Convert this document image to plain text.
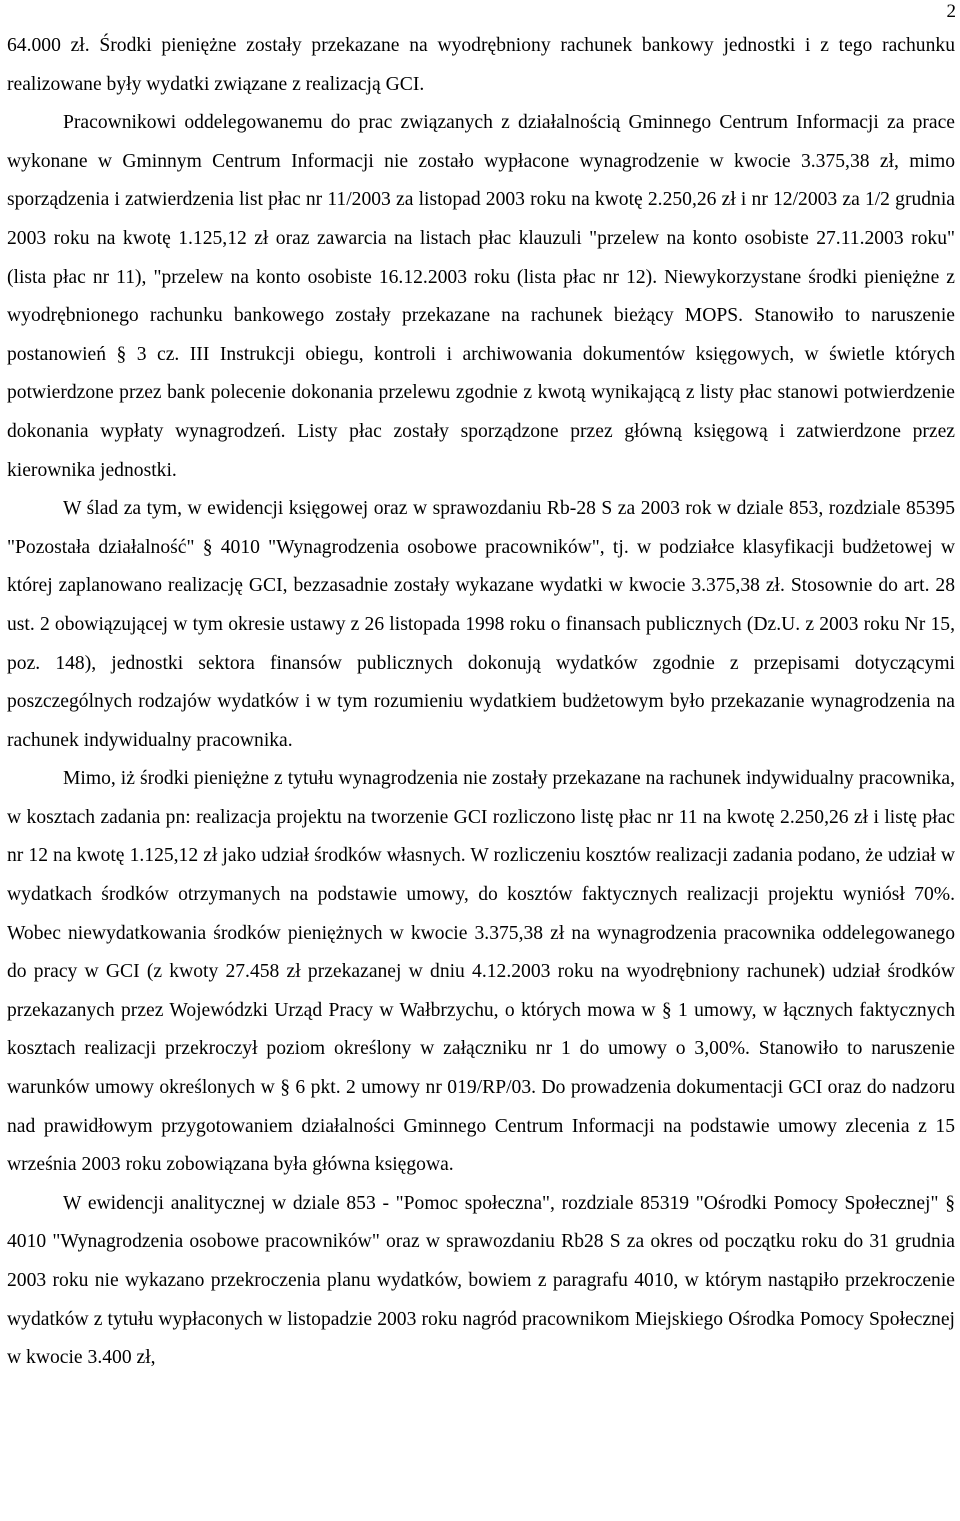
2

64.000 zł. Środki pieniężne zostały przekazane na wyodrębniony rachunek bankowy jednostki i z tego rachunku realizowane były wydatki związane z realizacją GCI.

Pracownikowi oddelegowanemu do prac związanych z działalnością Gminnego Centrum Informacji za prace wykonane w Gminnym Centrum Informacji nie zostało wypłacone wynagrodzenie w kwocie 3.375,38 zł, mimo sporządzenia i zatwierdzenia list płac nr 11/2003 za listopad 2003 roku na kwotę 2.250,26 zł i nr 12/2003 za 1/2 grudnia 2003 roku na kwotę 1.125,12 zł oraz zawarcia na listach płac klauzuli "przelew na konto osobiste 27.11.2003 roku" (lista płac nr 11), "przelew na konto osobiste 16.12.2003 roku (lista płac nr 12). Niewykorzystane środki pieniężne z wyodrębnionego rachunku bankowego zostały przekazane na rachunek bieżący MOPS. Stanowiło to naruszenie postanowień § 3 cz. III Instrukcji obiegu, kontroli i archiwowania dokumentów księgowych, w świetle których potwierdzone przez bank polecenie dokonania przelewu zgodnie z kwotą wynikającą z listy płac stanowi potwierdzenie dokonania wypłaty wynagrodzeń. Listy płac zostały sporządzone przez główną księgową i zatwierdzone przez kierownika jednostki.

W ślad za tym, w ewidencji księgowej oraz w sprawozdaniu Rb-28 S za 2003 rok w dziale 853, rozdziale 85395 "Pozostała działalność" § 4010 "Wynagrodzenia osobowe pracowników", tj. w podziałce klasyfikacji budżetowej w której zaplanowano realizację GCI, bezzasadnie zostały wykazane wydatki w kwocie 3.375,38 zł. Stosownie do art. 28 ust. 2 obowiązującej w tym okresie ustawy z 26 listopada 1998 roku o finansach publicznych (Dz.U. z 2003 roku Nr 15, poz. 148), jednostki sektora finansów publicznych dokonują wydatków zgodnie z przepisami dotyczącymi poszczególnych rodzajów wydatków i w tym rozumieniu wydatkiem budżetowym było przekazanie wynagrodzenia na rachunek indywidualny pracownika.

Mimo, iż środki pieniężne z tytułu wynagrodzenia nie zostały przekazane na rachunek indywidualny pracownika, w kosztach zadania pn: realizacja projektu na tworzenie GCI rozliczono listę płac nr 11 na kwotę 2.250,26 zł i listę płac nr 12 na kwotę 1.125,12 zł jako udział środków własnych. W rozliczeniu kosztów realizacji zadania podano, że udział w wydatkach środków otrzymanych na podstawie umowy, do kosztów faktycznych realizacji projektu wyniósł 70%. Wobec niewydatkowania środków pieniężnych w kwocie 3.375,38 zł na wynagrodzenia pracownika oddelegowanego do pracy w GCI (z kwoty 27.458 zł przekazanej w dniu 4.12.2003 roku na wyodrębniony rachunek) udział środków przekazanych przez Wojewódzki Urząd Pracy w Wałbrzychu, o których mowa w § 1 umowy, w łącznych faktycznych kosztach realizacji przekroczył poziom określony w załączniku nr 1 do umowy o 3,00%. Stanowiło to naruszenie warunków umowy określonych w § 6 pkt. 2 umowy nr 019/RP/03. Do prowadzenia dokumentacji GCI oraz do nadzoru nad prawidłowym przygotowaniem działalności Gminnego Centrum Informacji na podstawie umowy zlecenia z 15 września 2003 roku zobowiązana była główna księgowa.

W ewidencji analitycznej w dziale 853 - "Pomoc społeczna", rozdziale 85319 "Ośrodki Pomocy Społecznej" § 4010 "Wynagrodzenia osobowe pracowników" oraz w sprawozdaniu Rb28 S za okres od początku roku do 31 grudnia 2003 roku nie wykazano przekroczenia planu wydatków, bowiem z paragrafu 4010, w którym nastąpiło przekroczenie wydatków z tytułu wypłaconych w listopadzie 2003 roku nagród pracownikom Miejskiego Ośrodka Pomocy Społecznej w kwocie 3.400 zł,
